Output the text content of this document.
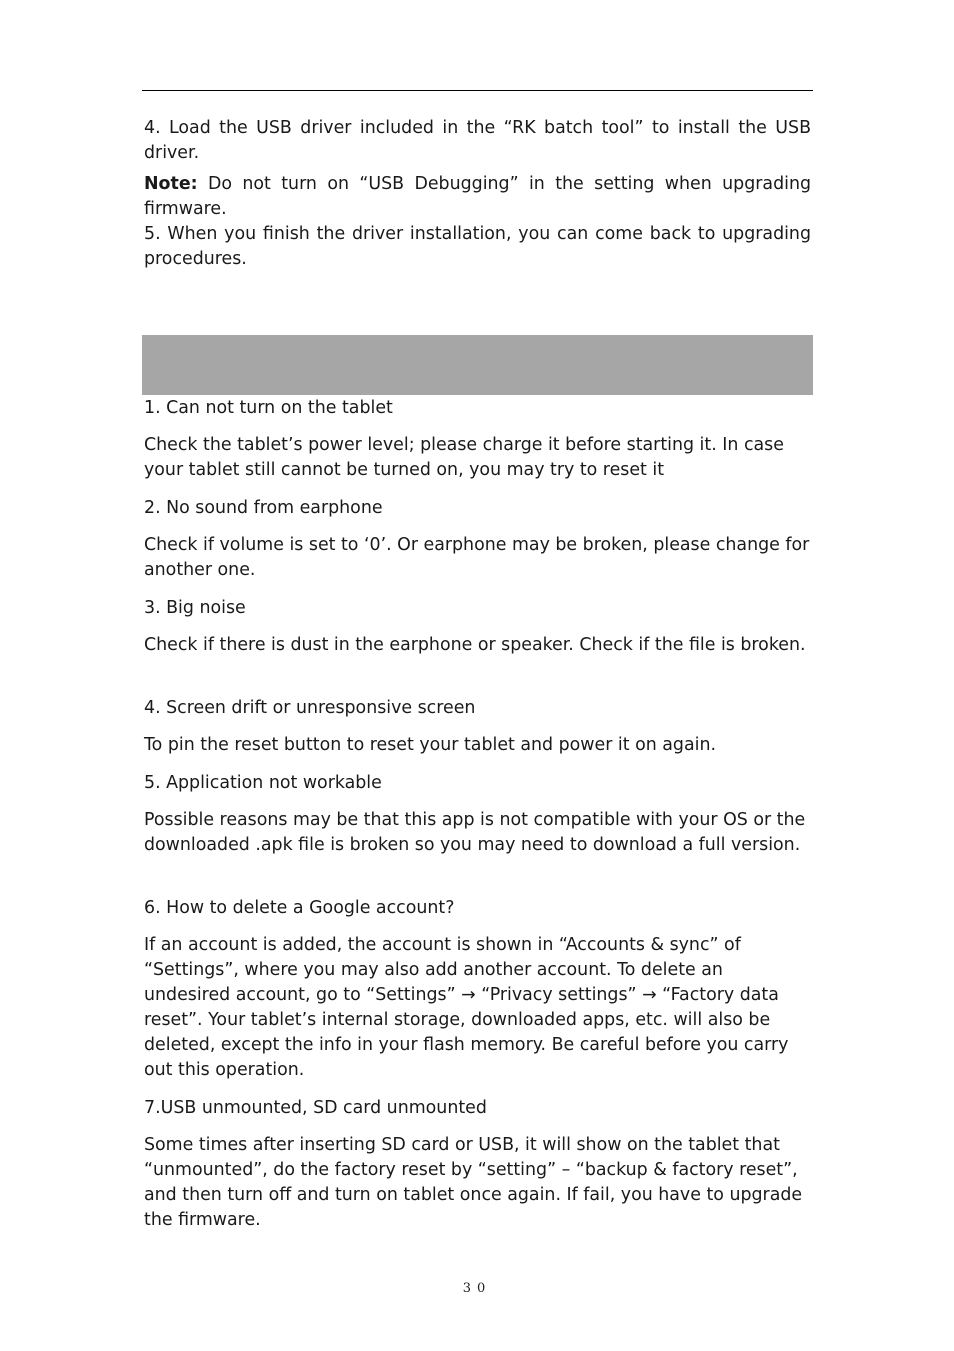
4. Load the USB driver included in the “RK batch tool” to install the USB driver.

Note: Do not turn on “USB Debugging” in the setting when upgrading firmware.

5. When you finish the driver installation, you can come back to upgrading procedures.

1. Can not turn on the tablet

Check the tablet’s power level; please charge it before starting it. In case your tablet still cannot be turned on, you may try to reset it

2. No sound from earphone

Check if volume is set to ‘0’. Or earphone may be broken, please change for another one.

3. Big noise

Check if there is dust in the earphone or speaker. Check if the file is broken.

4. Screen drift or unresponsive screen

To pin the reset button to reset your tablet and power it on again.

5. Application not workable

Possible reasons may be that this app is not compatible with your OS or the downloaded .apk file is broken so you may need to download a full version.

6. How to delete a Google account?

If an account is added, the account is shown in “Accounts & sync” of “Settings”, where you may also add another account. To delete an undesired account, go to “Settings” → “Privacy settings” → “Factory data reset”. Your tablet’s internal storage, downloaded apps, etc. will also be deleted, except the info in your flash memory. Be careful before you carry out this operation.

7.USB unmounted, SD card unmounted

Some times after inserting SD card or USB, it will show on the tablet that “unmounted”, do the factory reset by “setting” – “backup & factory reset”, and then turn off and turn on tablet once again. If fail, you have to upgrade the firmware.

30
